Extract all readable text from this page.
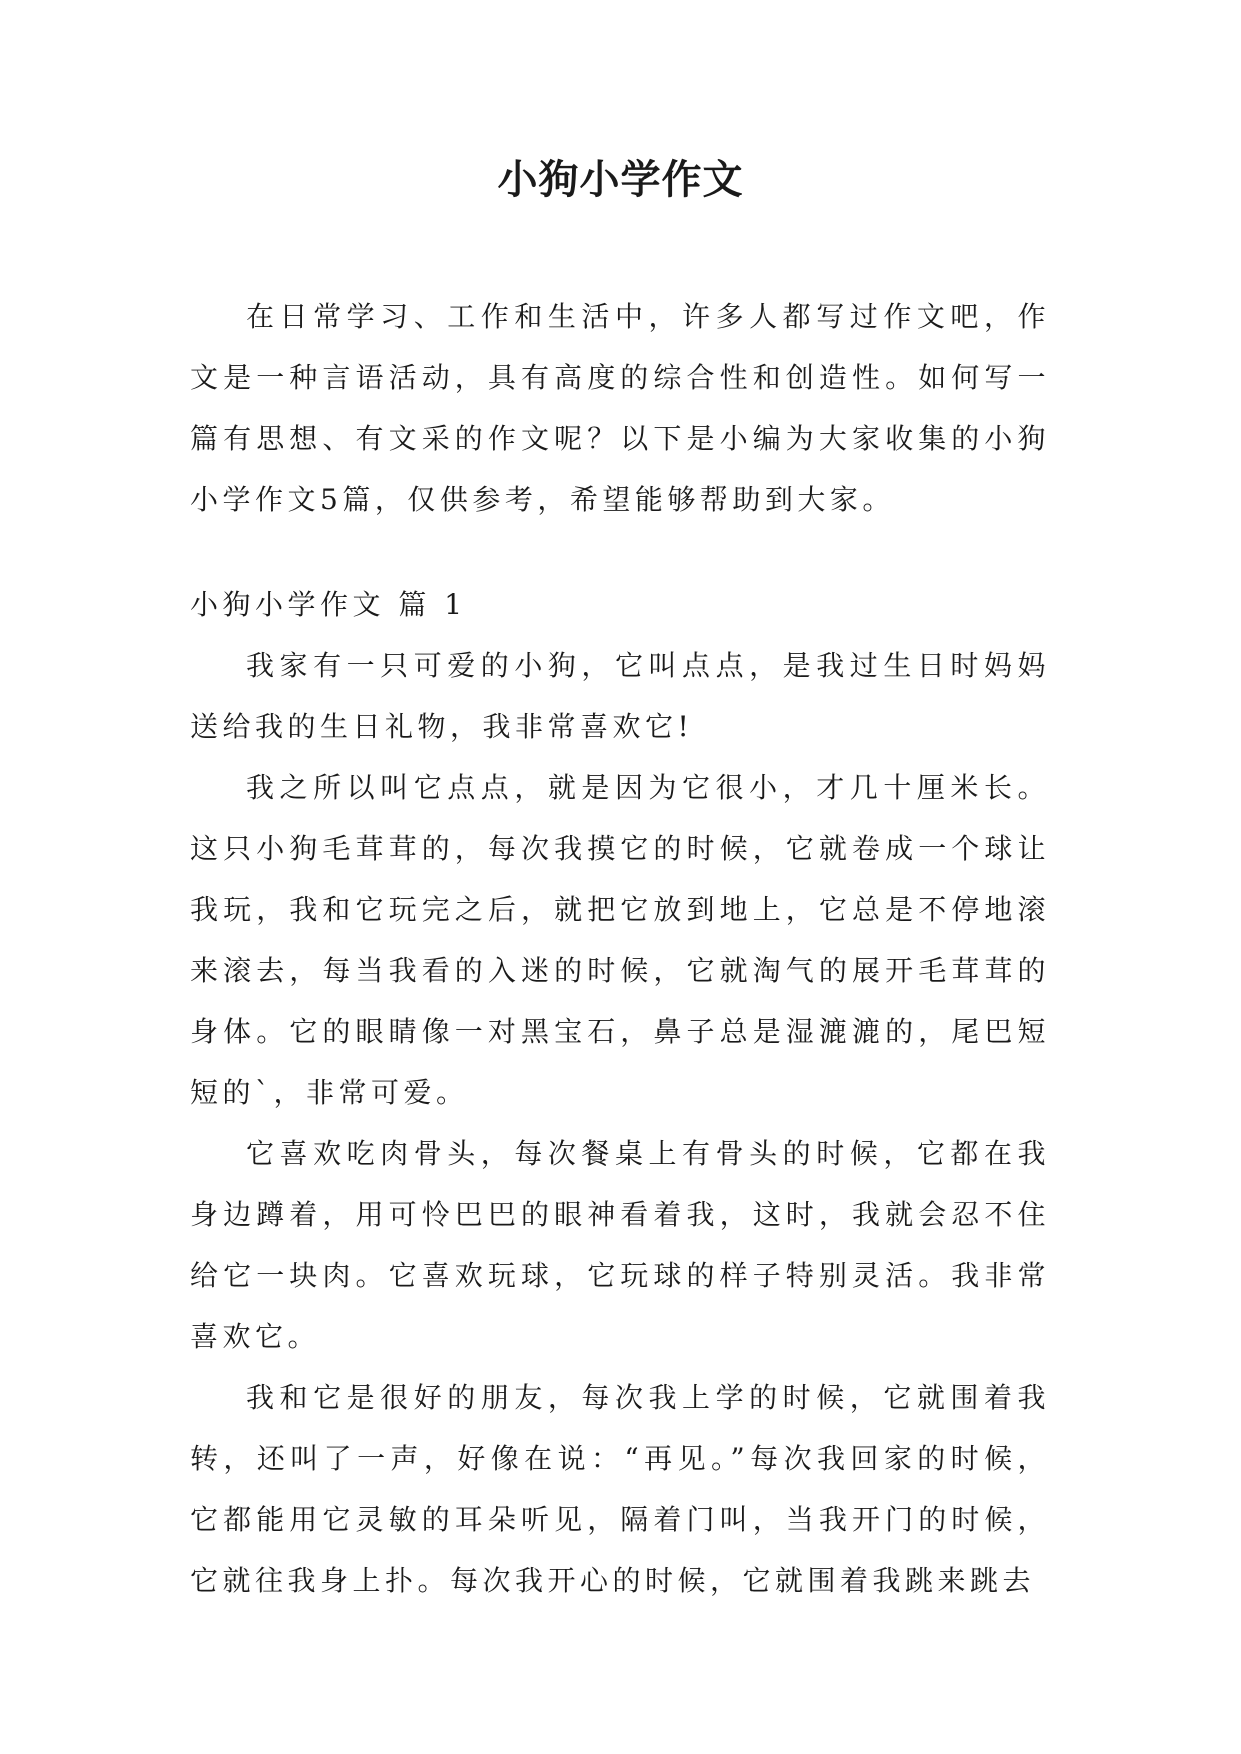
小狗小学作文

在日常学习、工作和生活中，许多人都写过作文吧，作文是一种言语活动，具有高度的综合性和创造性。如何写一篇有思想、有文采的作文呢？以下是小编为大家收集的小狗小学作文5篇，仅供参考，希望能够帮助到大家。

小狗小学作文 篇 1

我家有一只可爱的小狗，它叫点点，是我过生日时妈妈送给我的生日礼物，我非常喜欢它!

我之所以叫它点点，就是因为它很小，才几十厘米长。这只小狗毛茸茸的，每次我摸它的时候，它就卷成一个球让我玩，我和它玩完之后，就把它放到地上，它总是不停地滚来滚去，每当我看的入迷的时候，它就淘气的展开毛茸茸的身体。它的眼睛像一对黑宝石，鼻子总是湿漉漉的，尾巴短短的`，非常可爱。

它喜欢吃肉骨头，每次餐桌上有骨头的时候，它都在我身边蹲着，用可怜巴巴的眼神看着我，这时，我就会忍不住给它一块肉。它喜欢玩球，它玩球的样子特别灵活。我非常喜欢它。

我和它是很好的朋友，每次我上学的时候，它就围着我转，还叫了一声，好像在说：“再见。”每次我回家的时候，它都能用它灵敏的耳朵听见，隔着门叫，当我开门的时候，它就往我身上扑。每次我开心的时候，它就围着我跳来跳去
